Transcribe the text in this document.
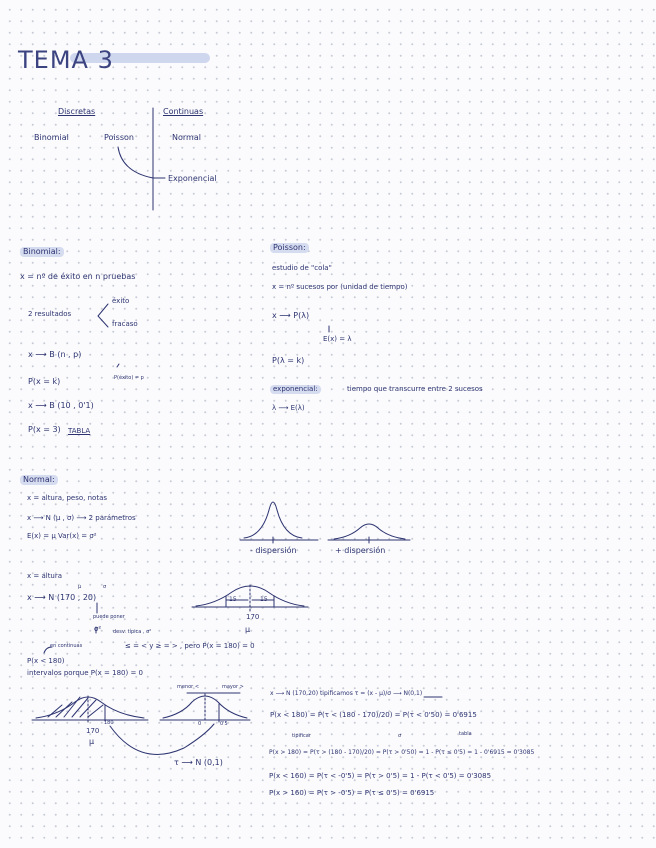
TEMA 3
Discretas	Continuas
Binomial	Poisson	Normal
Exponencial
Binomial:
x = nº de éxito en n pruebas
2 resultados
éxito
fracaso
x ⟶ B (n , p)
P(x = k)	P(éxito) = p
x ⟶ B (10 , 0'1)
P(x = 3) TABLA
Poisson:
estudio de "cola"
x = nº sucesos por (unidad de tiempo)
x ⟶ P(λ)
E(x) = λ
P(λ = k)
exponencial:	tiempo que transcurre entre 2 sucesos
λ ⟶ E(λ)
Normal:
x = altura, peso, notas
x ⟶ N (μ , σ) ⟶ 2 parámetros
E(x) = μ Var(x) = σ²
- dispersión	+ dispersión
x = altura
x ⟶ N (170 , 20)
μ	σ
puede poner
σ² desv. típica , σ²
15	15
170
μ
en continuas	≤ = < y ≥ = > , pero P(x = 180) = 0
P(x < 180)
intervalos porque P(x = 180) = 0
menor <	mayor >
170
180
μ
0	0'5
τ ⟶ N (0,1)
x ⟶ N (170,20) tipificamos τ = (x - μ)/σ ⟶ N(0,1)
P(x < 180) = P(τ < (180 - 170)/20) = P(τ < 0'50) = 0'6915
tipificar	σ	tabla
P(x > 180) = P(τ > (180 - 170)/20) = P(τ > 0'50) = 1 - P(τ ≤ 0'5) = 1 - 0'6915 = 0'3085
P(x < 160) = P(τ < -0'5) = P(τ > 0'5) = 1 - P(τ < 0'5) = 0'3085
P(x > 160) = P(τ > -0'5) = P(τ ≤ 0'5) = 0'6915
